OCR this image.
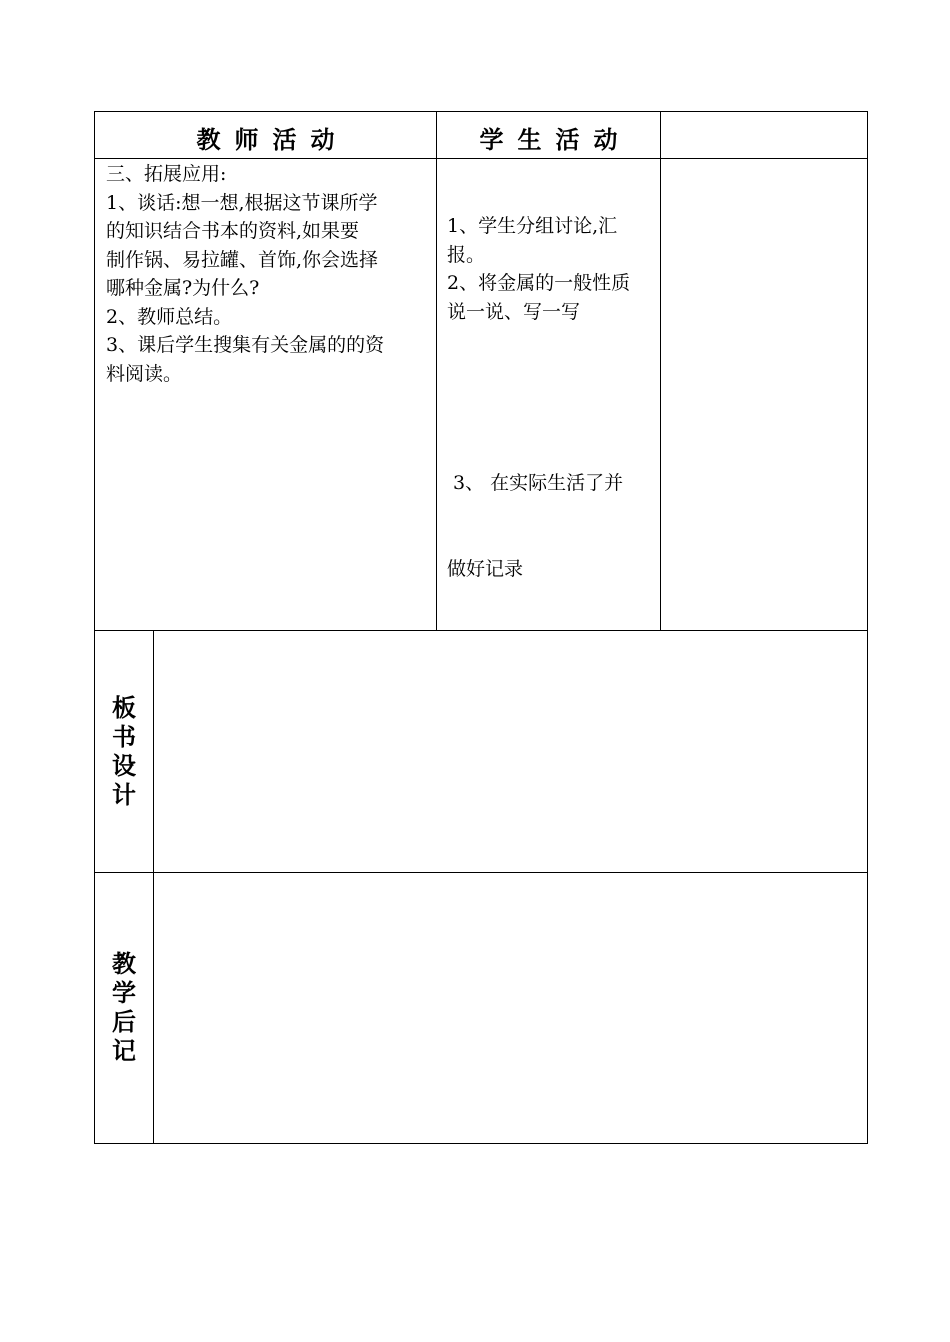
教师活动	学生活动
三、拓展应用:
1、谈话:想一想,根据这节课所学
的知识结合书本的资料,如果要
制作锅、易拉罐、首饰,你会选择
哪种金属?为什么?
2、教师总结。
3、课后学生搜集有关金属的的资
料阅读。
1、学生分组讨论,汇
报。
2、将金属的一般性质
说一说、写一写

3、 在实际生活了并

做好记录

板
书
设
计
教
学
后
记
